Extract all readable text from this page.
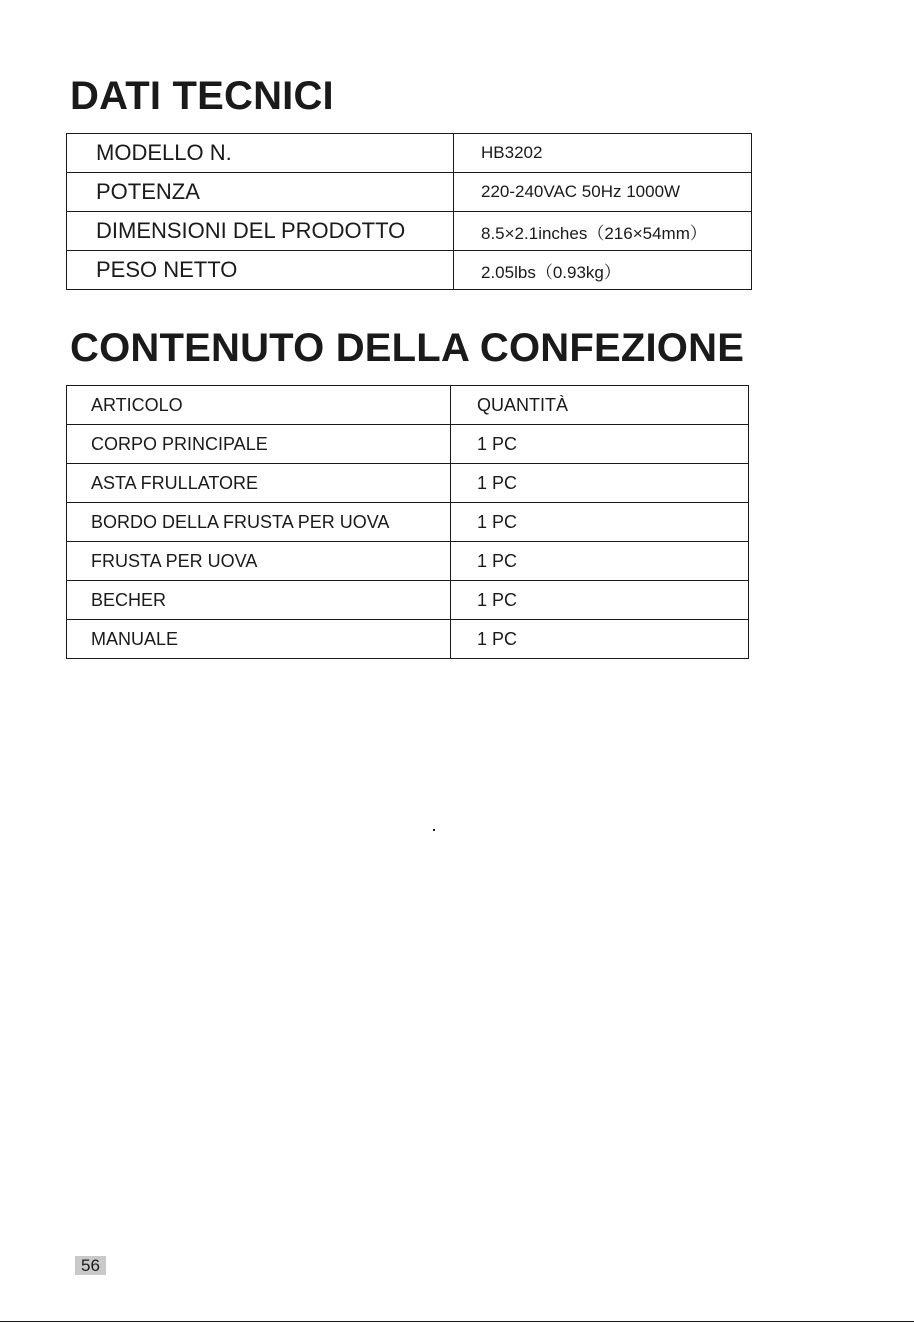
DATI TECNICI
MODELLO N.	HB3202
POTENZA	220-240VAC 50Hz 1000W
DIMENSIONI DEL PRODOTTO	8.5×2.1inches（216×54mm）
PESO NETTO	2.05lbs（0.93kg）
CONTENUTO DELLA CONFEZIONE
ARTICOLO	QUANTITÀ
CORPO PRINCIPALE	1 PC
ASTA FRULLATORE	1 PC
BORDO DELLA FRUSTA PER UOVA	1 PC
FRUSTA PER UOVA	1 PC
BECHER	1 PC
MANUALE	1 PC
56
